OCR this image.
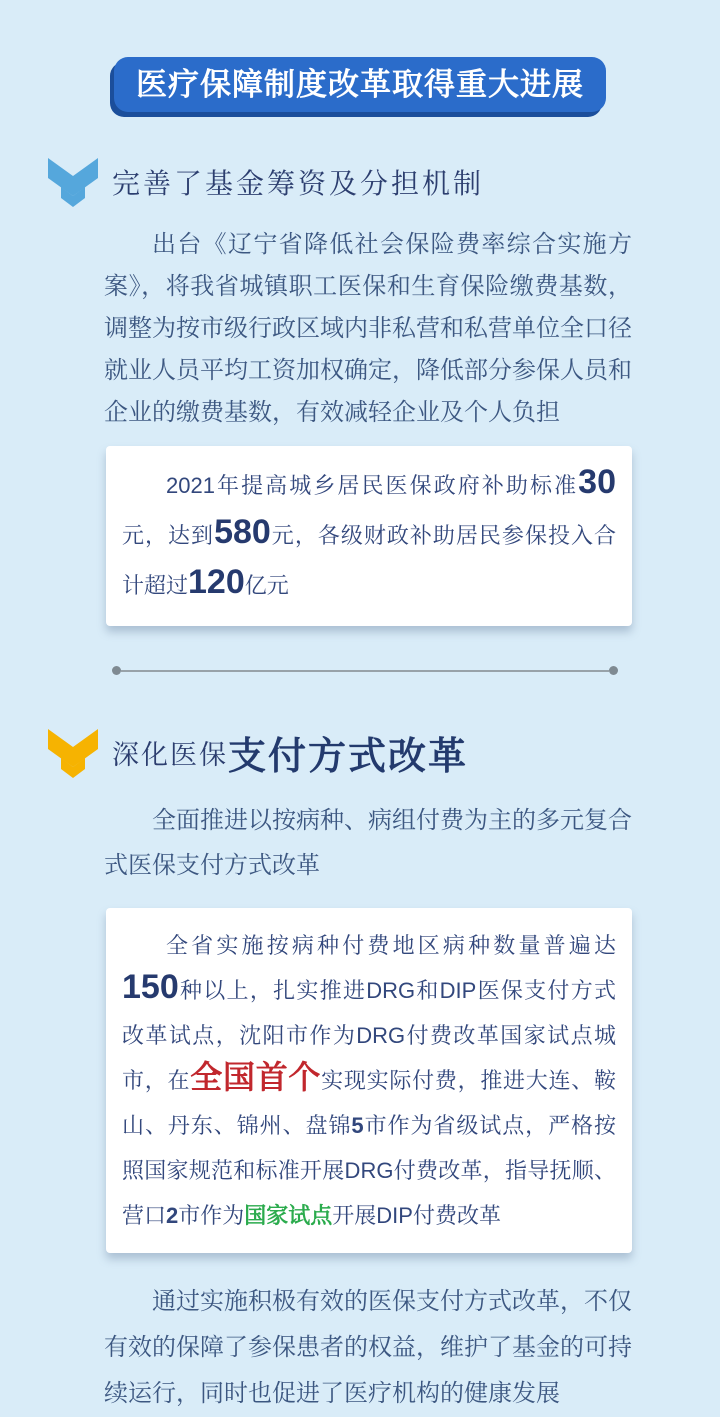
医疗保障制度改革取得重大进展
完善了基金筹资及分担机制

出台《辽宁省降低社会保险费率综合实施方案》，将我省城镇职工医保和生育保险缴费基数，调整为按市级行政区域内非私营和私营单位全口径就业人员平均工资加权确定，降低部分参保人员和企业的缴费基数，有效减轻企业及个人负担

2021年提高城乡居民医保政府补助标准30元，达到580元，各级财政补助居民参保投入合计超过120亿元
深化医保 支付方式改革

全面推进以按病种、病组付费为主的多元复合式医保支付方式改革

全省实施按病种付费地区病种数量普遍达150种以上，扎实推进DRG和DIP医保支付方式改革试点，沈阳市作为DRG付费改革国家试点城市，在全国首个实现实际付费，推进大连、鞍山、丹东、锦州、盘锦5市作为省级试点，严格按照国家规范和标准开展DRG付费改革，指导抚顺、营口2市作为国家试点开展DIP付费改革

通过实施积极有效的医保支付方式改革，不仅有效的保障了参保患者的权益，维护了基金的可持续运行，同时也促进了医疗机构的健康发展
